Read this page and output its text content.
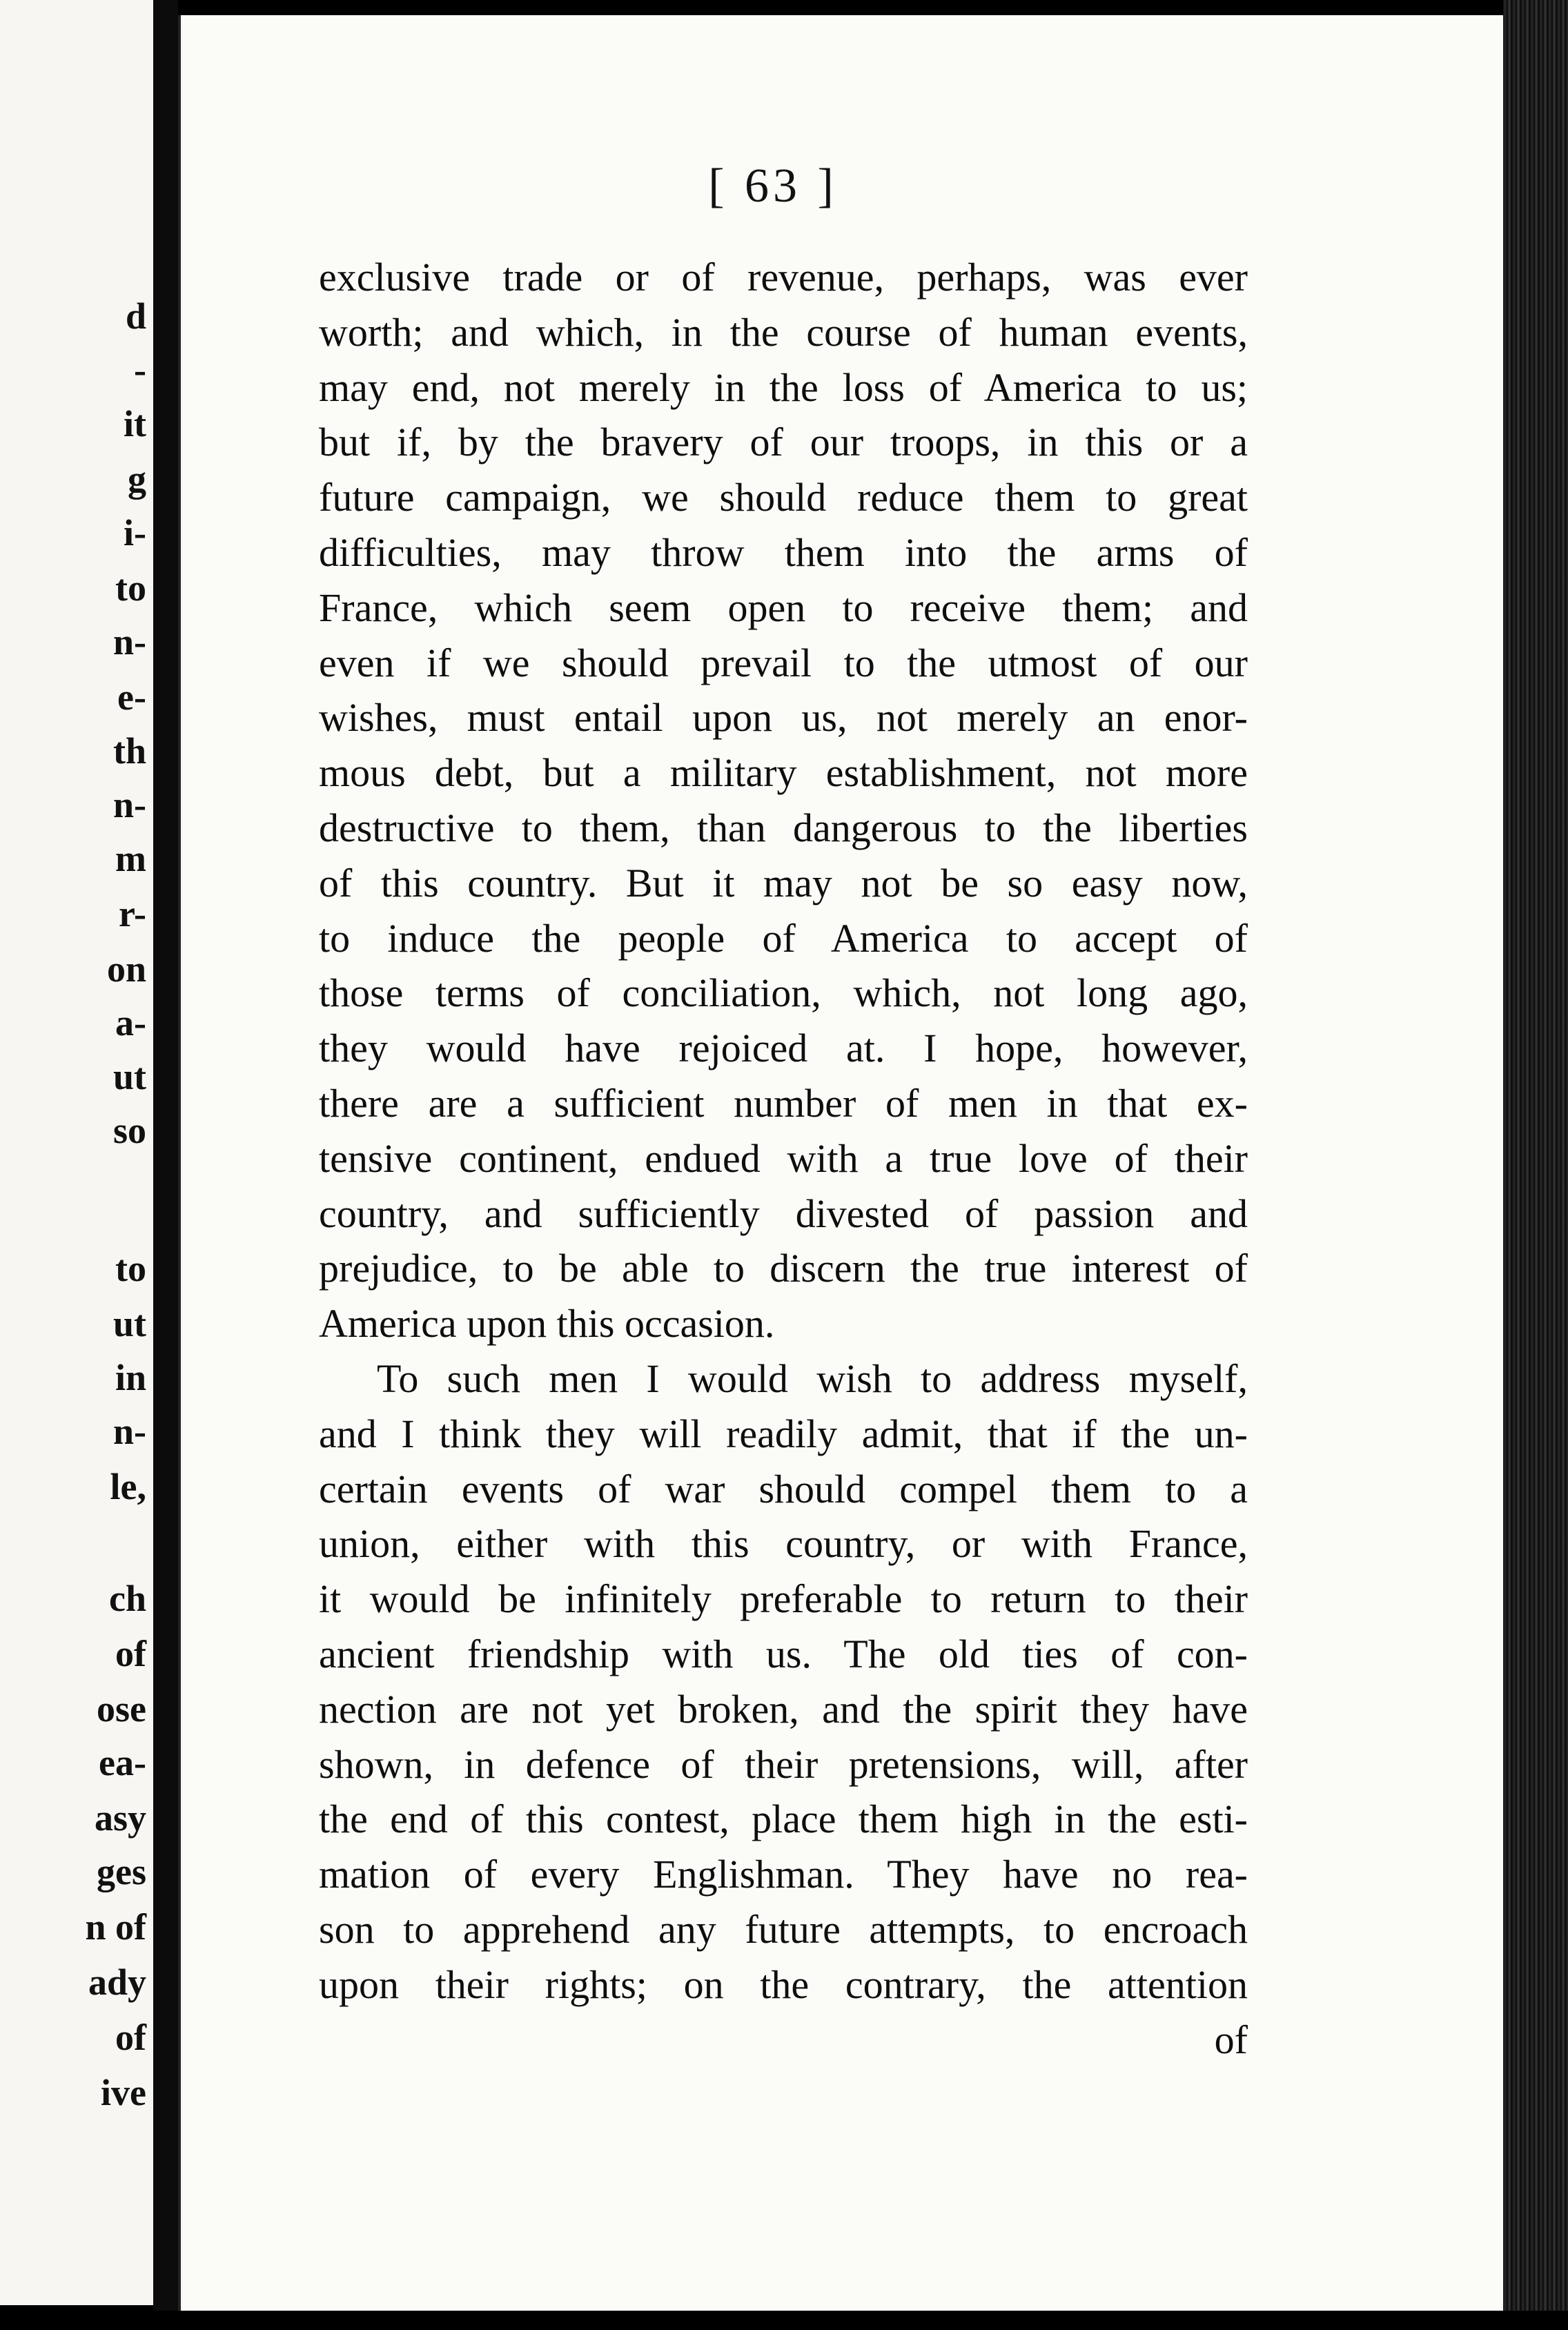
d
-
it
g
i-
to
n-
e-
th
n-
m
r-
on
a-
ut
so
to
ut
in
n-
le,
ch
of
ose
ea-
asy
ges
n of
ady
of
ive
[ 63 ]
exclusive trade or of revenue, perhaps, was ever
worth; and which, in the course of human events,
may end, not merely in the loss of America to us;
but if, by the bravery of our troops, in this or a
future campaign, we should reduce them to great
difficulties, may throw them into the arms of
France, which seem open to receive them; and
even if we should prevail to the utmost of our
wishes, must entail upon us, not merely an enor-
mous debt, but a military establishment, not more
destructive to them, than dangerous to the liberties
of this country. But it may not be so easy now,
to induce the people of America to accept of
those terms of conciliation, which, not long ago,
they would have rejoiced at. I hope, however,
there are a sufficient number of men in that ex-
tensive continent, endued with a true love of their
country, and sufficiently divested of passion and
prejudice, to be able to discern the true interest of
America upon this occasion.
To such men I would wish to address myself,
and I think they will readily admit, that if the un-
certain events of war should compel them to a
union, either with this country, or with France,
it would be infinitely preferable to return to their
ancient friendship with us. The old ties of con-
nection are not yet broken, and the spirit they have
shown, in defence of their pretensions, will, after
the end of this contest, place them high in the esti-
mation of every Englishman. They have no rea-
son to apprehend any future attempts, to encroach
upon their rights; on the contrary, the attention
of
